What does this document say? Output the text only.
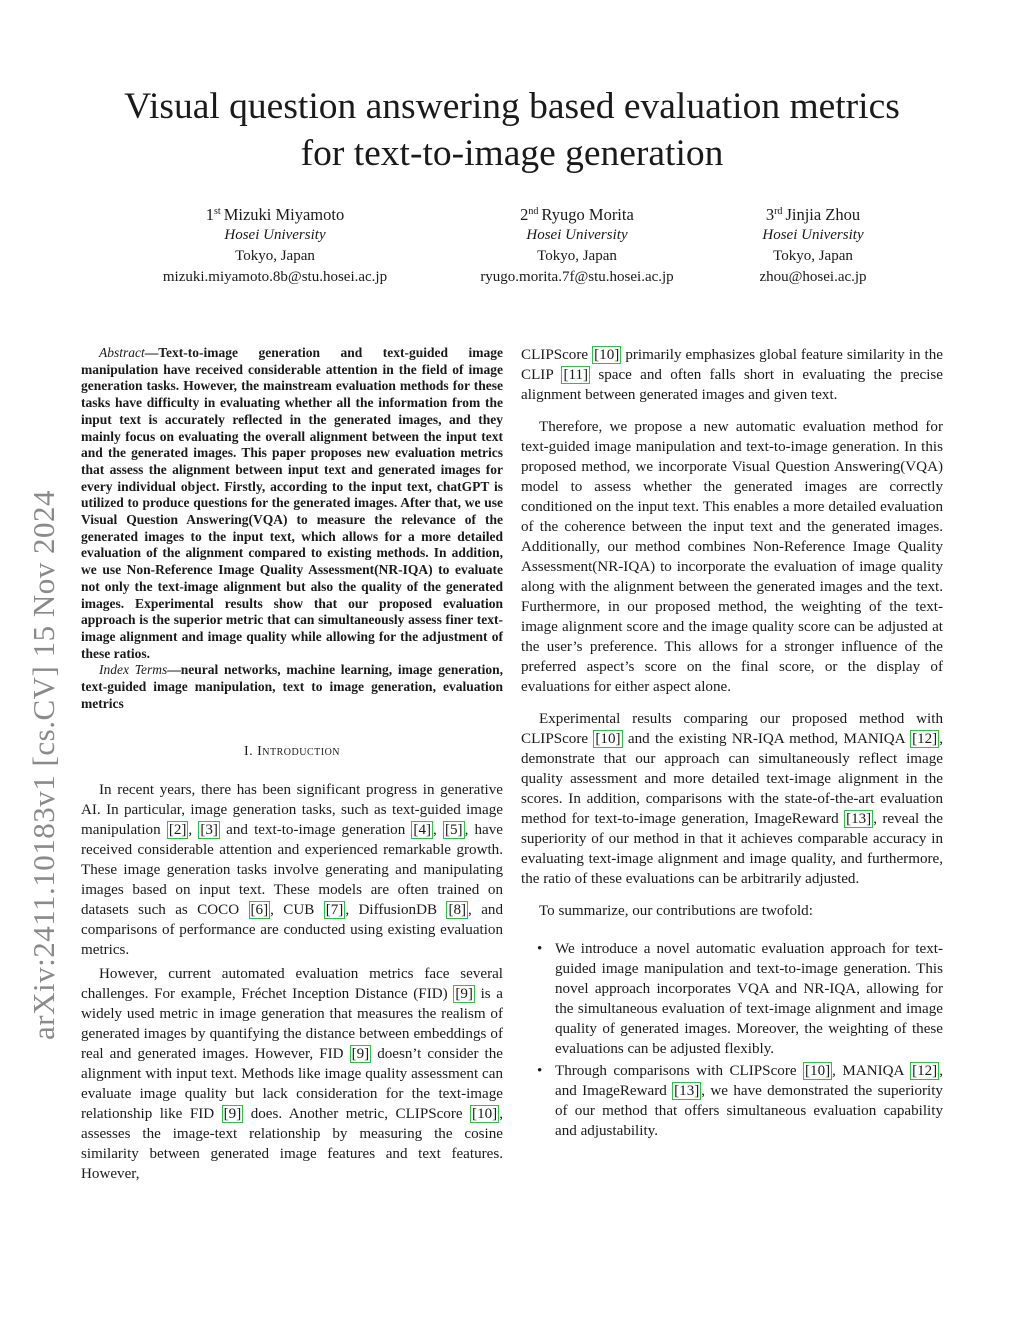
arXiv:2411.10183v1 [cs.CV] 15 Nov 2024
Visual question answering based evaluation metrics
for text-to-image generation
1st Mizuki Miyamoto
Hosei University
Tokyo, Japan
mizuki.miyamoto.8b@stu.hosei.ac.jp
2nd Ryugo Morita
Hosei University
Tokyo, Japan
ryugo.morita.7f@stu.hosei.ac.jp
3rd Jinjia Zhou
Hosei University
Tokyo, Japan
zhou@hosei.ac.jp

Abstract—Text-to-image generation and text-guided image manipulation have received considerable attention in the field of image generation tasks. However, the mainstream evaluation methods for these tasks have difficulty in evaluating whether all the information from the input text is accurately reflected in the generated images, and they mainly focus on evaluating the overall alignment between the input text and the generated images. This paper proposes new evaluation metrics that assess the alignment between input text and generated images for every individual object. Firstly, according to the input text, chatGPT is utilized to produce questions for the generated images. After that, we use Visual Question Answering(VQA) to measure the relevance of the generated images to the input text, which allows for a more detailed evaluation of the alignment compared to existing methods. In addition, we use Non-Reference Image Quality Assessment(NR-IQA) to evaluate not only the text-image alignment but also the quality of the generated images. Experimental results show that our proposed evaluation approach is the superior metric that can simultaneously assess finer text-image alignment and image quality while allowing for the adjustment of these ratios.

Index Terms—neural networks, machine learning, image generation, text-guided image manipulation, text to image generation, evaluation metrics

I. Introduction

In recent years, there has been significant progress in generative AI. In particular, image generation tasks, such as text-guided image manipulation [2] , [3] and text-to-image generation [4] , [5] , have received considerable attention and experienced remarkable growth. These image generation tasks involve generating and manipulating images based on input text. These models are often trained on datasets such as COCO [6] , CUB [7] , DiffusionDB [8] , and comparisons of performance are conducted using existing evaluation metrics.

However, current automated evaluation metrics face several challenges. For example, Fréchet Inception Distance (FID) [9] is a widely used metric in image generation that measures the realism of generated images by quantifying the distance between embeddings of real and generated images. However, FID [9] doesn’t consider the alignment with input text. Methods like image quality assessment can evaluate image quality but lack consideration for the text-image relationship like FID [9] does. Another metric, CLIPScore [10] , assesses the image-text relationship by measuring the cosine similarity between generated image features and text features. However,

CLIPScore [10] primarily emphasizes global feature similarity in the CLIP [11] space and often falls short in evaluating the precise alignment between generated images and given text.

Therefore, we propose a new automatic evaluation method for text-guided image manipulation and text-to-image generation. In this proposed method, we incorporate Visual Question Answering(VQA) model to assess whether the generated images are correctly conditioned on the input text. This enables a more detailed evaluation of the coherence between the input text and the generated images. Additionally, our method combines Non-Reference Image Quality Assessment(NR-IQA) to incorporate the evaluation of image quality along with the alignment between the generated images and the text. Furthermore, in our proposed method, the weighting of the text-image alignment score and the image quality score can be adjusted at the user’s preference. This allows for a stronger influence of the preferred aspect’s score on the final score, or the display of evaluations for either aspect alone.

Experimental results comparing our proposed method with CLIPScore [10] and the existing NR-IQA method, MANIQA [12] , demonstrate that our approach can simultaneously reflect image quality assessment and more detailed text-image alignment in the scores. In addition, comparisons with the state-of-the-art evaluation method for text-to-image generation, ImageReward [13] , reveal the superiority of our method in that it achieves comparable accuracy in evaluating text-image alignment and image quality, and furthermore, the ratio of these evaluations can be arbitrarily adjusted.

To summarize, our contributions are twofold:

• We introduce a novel automatic evaluation approach for text-guided image manipulation and text-to-image generation. This novel approach incorporates VQA and NR-IQA, allowing for the simultaneous evaluation of text-image alignment and image quality of generated images. Moreover, the weighting of these evaluations can be adjusted flexibly.
• Through comparisons with CLIPScore [10] , MANIQA [12] , and ImageReward [13] , we have demonstrated the superiority of our method that offers simultaneous evaluation capability and adjustability.
